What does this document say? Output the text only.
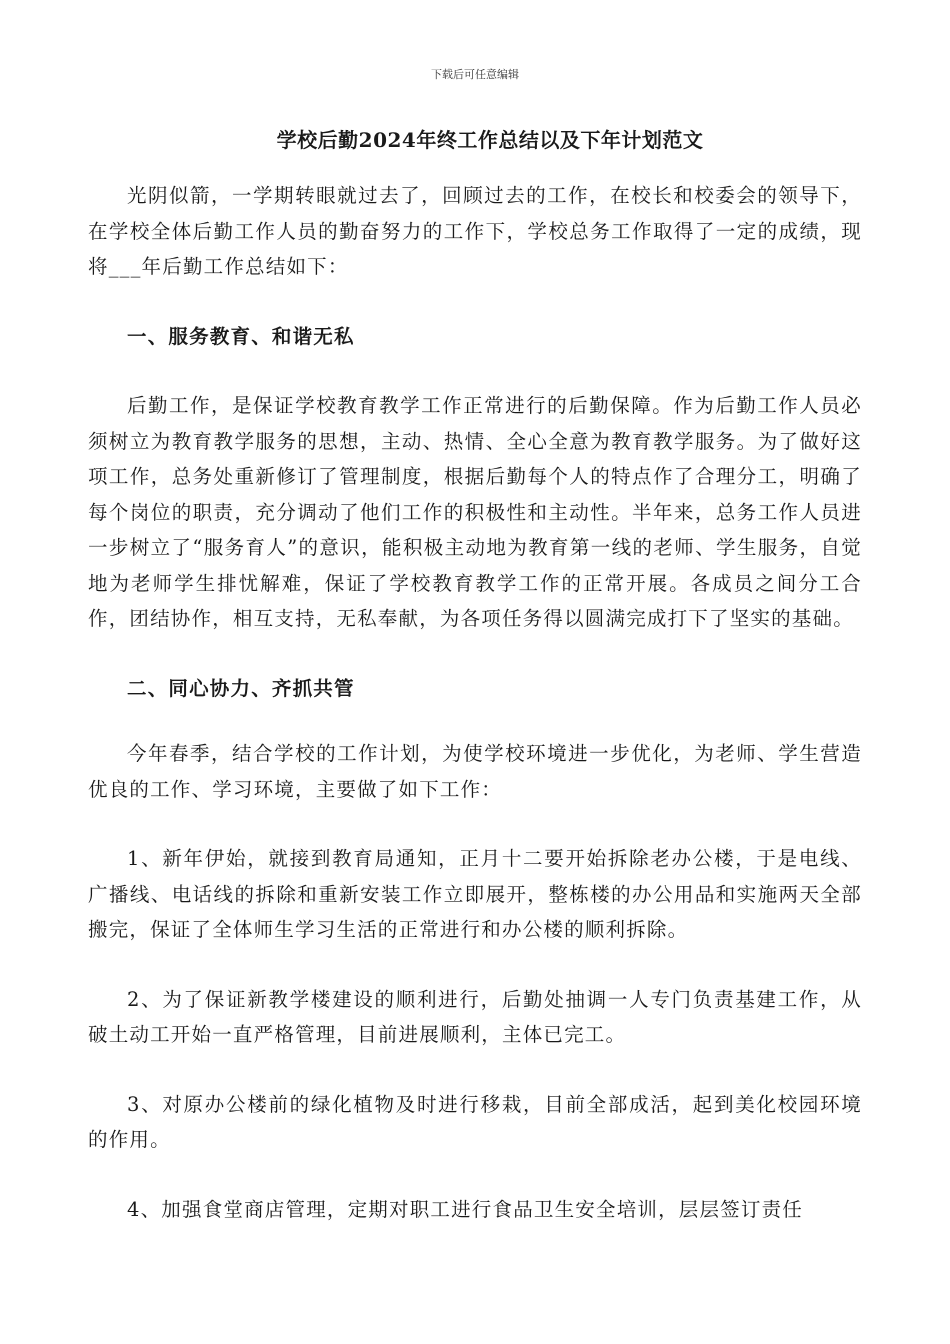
下载后可任意编辑
学校后勤2024年终工作总结以及下年计划范文

光阴似箭，一学期转眼就过去了，回顾过去的工作，在校长和校委会的领导下，在学校全体后勤工作人员的勤奋努力的工作下，学校总务工作取得了一定的成绩，现将___年后勤工作总结如下：

一、服务教育、和谐无私

后勤工作，是保证学校教育教学工作正常进行的后勤保障。作为后勤工作人员必须树立为教育教学服务的思想，主动、热情、全心全意为教育教学服务。为了做好这项工作，总务处重新修订了管理制度，根据后勤每个人的特点作了合理分工，明确了每个岗位的职责，充分调动了他们工作的积极性和主动性。半年来，总务工作人员进一步树立了“服务育人”的意识，能积极主动地为教育第一线的老师、学生服务，自觉地为老师学生排忧解难，保证了学校教育教学工作的正常开展。各成员之间分工合作，团结协作，相互支持，无私奉献，为各项任务得以圆满完成打下了坚实的基础。

二、同心协力、齐抓共管

今年春季，结合学校的工作计划，为使学校环境进一步优化，为老师、学生营造优良的工作、学习环境，主要做了如下工作：

1、新年伊始，就接到教育局通知，正月十二要开始拆除老办公楼，于是电线、广播线、电话线的拆除和重新安装工作立即展开，整栋楼的办公用品和实施两天全部搬完，保证了全体师生学习生活的正常进行和办公楼的顺利拆除。

2、为了保证新教学楼建设的顺利进行，后勤处抽调一人专门负责基建工作，从破土动工开始一直严格管理，目前进展顺利，主体已完工。

3、对原办公楼前的绿化植物及时进行移栽，目前全部成活，起到美化校园环境的作用。

4、加强食堂商店管理，定期对职工进行食品卫生安全培训，层层签订责任
